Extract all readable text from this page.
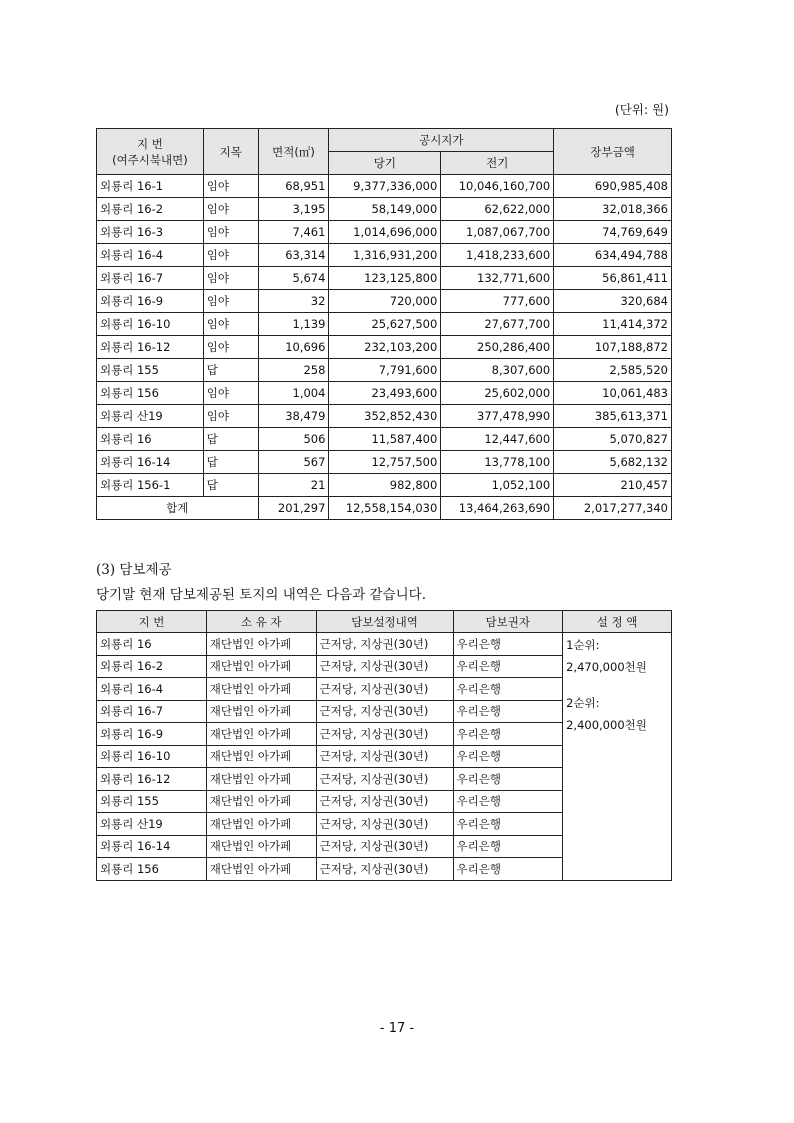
(단위: 원)
지 번
(여주시북내면)	지목	면적(㎡)	공시지가		장부금액
			당기	전기	
외룡리 16-1	임야	68,951	9,377,336,000	10,046,160,700	690,985,408
외룡리 16-2	임야	3,195	58,149,000	62,622,000	32,018,366
외룡리 16-3	임야	7,461	1,014,696,000	1,087,067,700	74,769,649
외룡리 16-4	임야	63,314	1,316,931,200	1,418,233,600	634,494,788
외룡리 16-7	임야	5,674	123,125,800	132,771,600	56,861,411
외룡리 16-9	임야	32	720,000	777,600	320,684
외룡리 16-10	임야	1,139	25,627,500	27,677,700	11,414,372
외룡리 16-12	임야	10,696	232,103,200	250,286,400	107,188,872
외룡리 155	답	258	7,791,600	8,307,600	2,585,520
외룡리 156	임야	1,004	23,493,600	25,602,000	10,061,483
외룡리 산19	임야	38,479	352,852,430	377,478,990	385,613,371
외룡리 16	답	506	11,587,400	12,447,600	5,070,827
외룡리 16-14	답	567	12,757,500	13,778,100	5,682,132
외룡리 156-1	답	21	982,800	1,052,100	210,457
합계		201,297	12,558,154,030	13,464,263,690	2,017,277,340
(3) 담보제공
당기말 현재 담보제공된 토지의 내역은 다음과 같습니다.
지 번	소 유 자	담보설정내역	담보권자	설 정 액
외룡리 16	재단법인 아가페	근저당, 지상권(30년)	우리은행	1순위:
2,470,000천원
2순위:
2,400,000천원

외룡리 16-2	재단법인 아가페	근저당, 지상권(30년)	우리은행	
외룡리 16-4	재단법인 아가페	근저당, 지상권(30년)	우리은행	
외룡리 16-7	재단법인 아가페	근저당, 지상권(30년)	우리은행	
외룡리 16-9	재단법인 아가페	근저당, 지상권(30년)	우리은행	
외룡리 16-10	재단법인 아가페	근저당, 지상권(30년)	우리은행	
외룡리 16-12	재단법인 아가페	근저당, 지상권(30년)	우리은행	
외룡리 155	재단법인 아가페	근저당, 지상권(30년)	우리은행	
외룡리 산19	재단법인 아가페	근저당, 지상권(30년)	우리은행	
외룡리 16-14	재단법인 아가페	근저당, 지상권(30년)	우리은행	
외룡리 156	재단법인 아가페	근저당, 지상권(30년)	우리은행	
- 17 -
